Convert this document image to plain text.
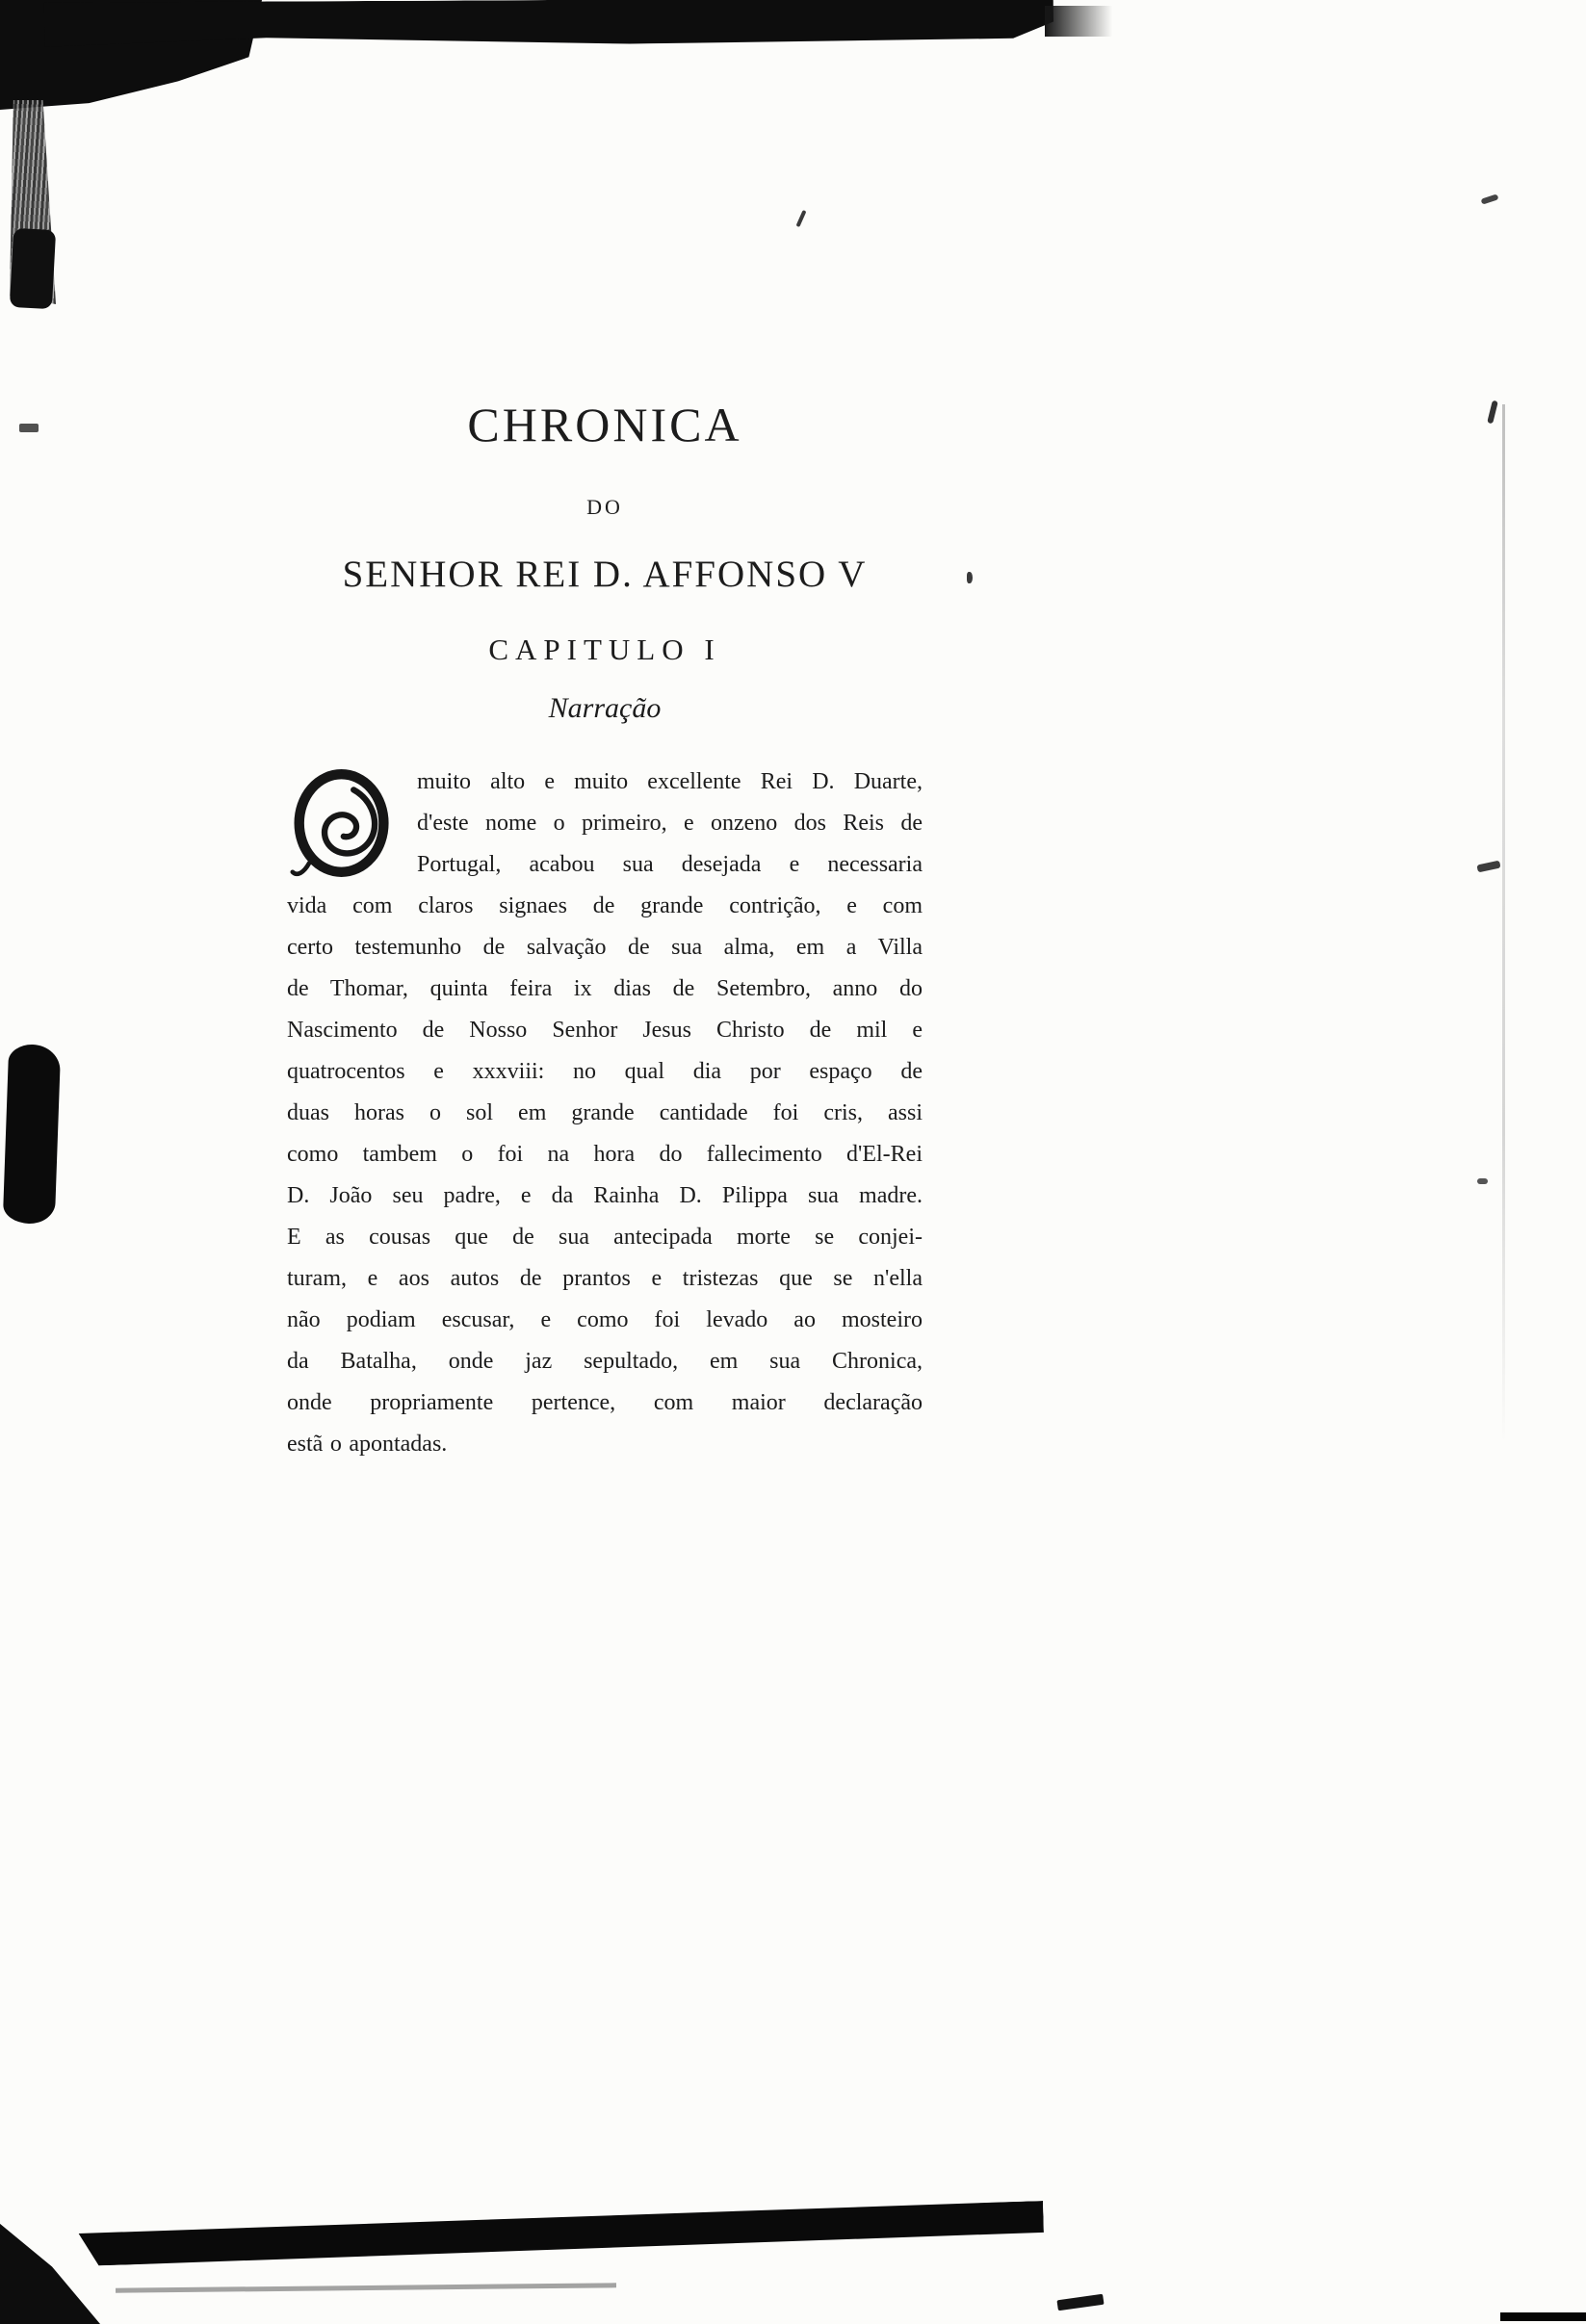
CHRONICA
DO
SENHOR REI D. AFFONSO V
CAPITULO I
Narração
muito alto e muito excellente Rei D. Duarte,
d'este nome o primeiro, e onzeno dos Reis de
Portugal, acabou sua desejada e necessaria
vida com claros signaes de grande contrição, e com
certo testemunho de salvação de sua alma, em a Villa
de Thomar, quinta feira ix dias de Setembro, anno do
Nascimento de Nosso Senhor Jesus Christo de mil e
quatrocentos e xxxviii: no qual dia por espaço de
duas horas o sol em grande cantidade foi cris, assi
como tambem o foi na hora do fallecimento d'El-Rei
D. João seu padre, e da Rainha D. Pilippa sua madre.
E as cousas que de sua antecipada morte se conjei-
turam, e aos autos de prantos e tristezas que se n'ella
não podiam escusar, e como foi levado ao mosteiro
da Batalha, onde jaz sepultado, em sua Chronica,
onde propriamente pertence, com maior declaração
estã o apontadas.
